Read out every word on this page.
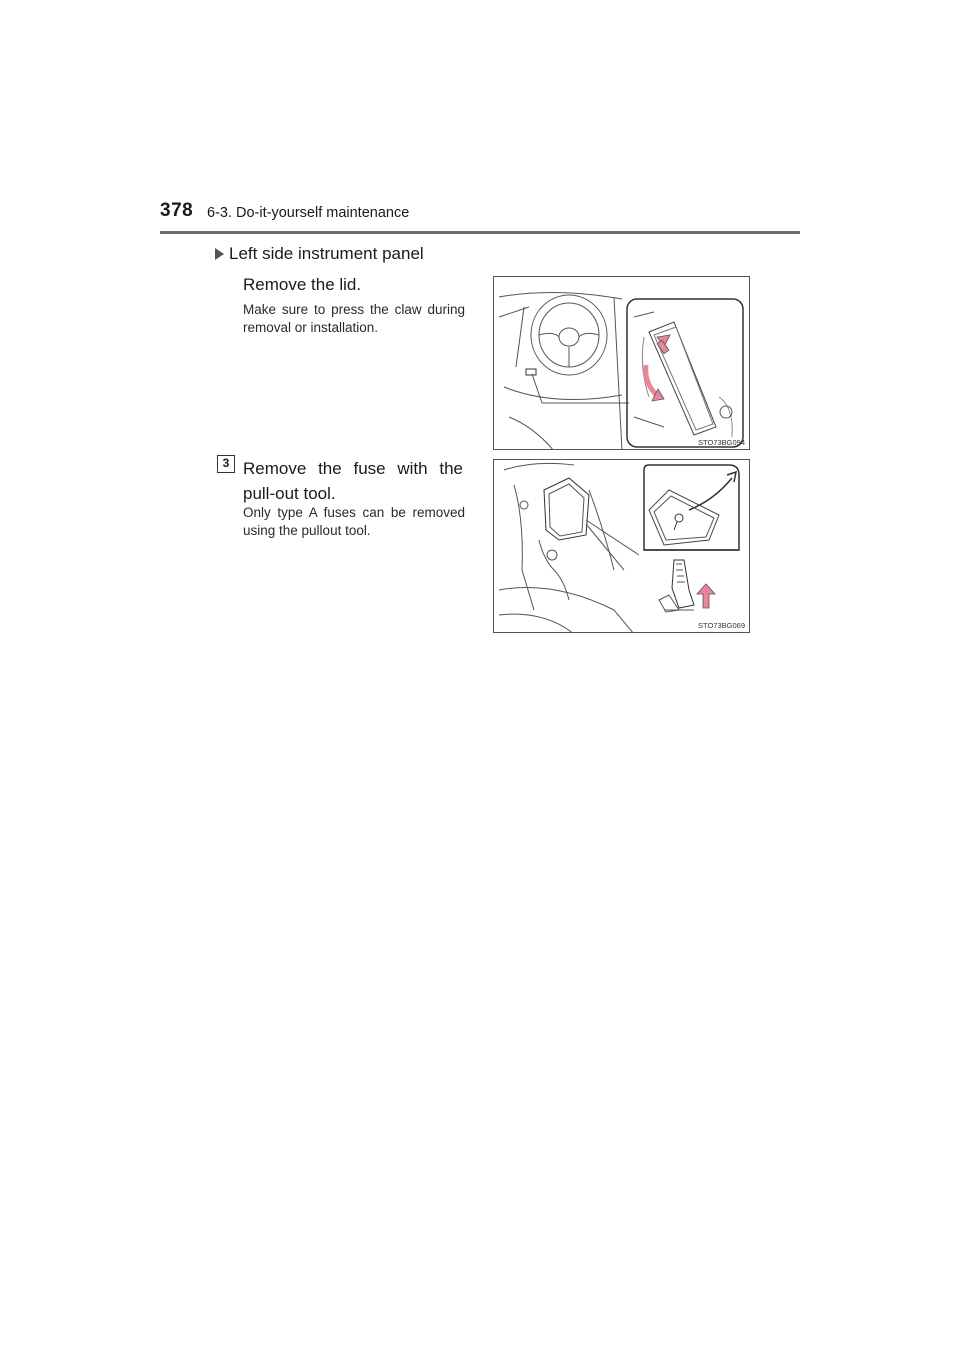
378 6-3. Do-it-yourself maintenance
Left side instrument panel
Remove the lid.
Make sure to press the claw during removal or installation.
STO73BG094
3 Remove the fuse with the pull-out tool.
Only type A fuses can be removed using the pullout tool.
STO73BG069
